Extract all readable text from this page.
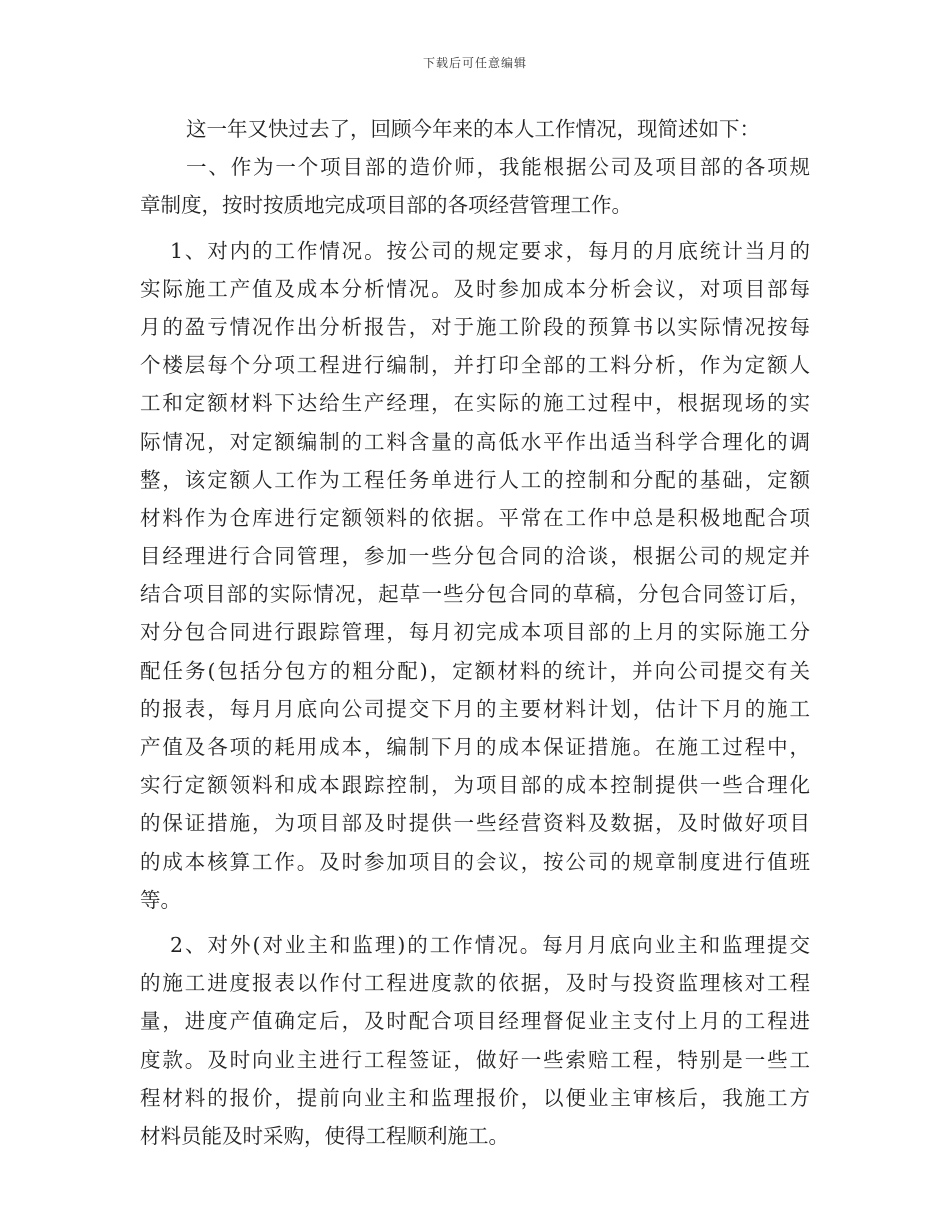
下载后可任意编辑
这一年又快过去了，回顾今年来的本人工作情况，现简述如下：
一、作为一个项目部的造价师，我能根据公司及项目部的各项规
章制度，按时按质地完成项目部的各项经营管理工作。
1、对内的工作情况。按公司的规定要求，每月的月底统计当月的
实际施工产值及成本分析情况。及时参加成本分析会议，对项目部每
月的盈亏情况作出分析报告，对于施工阶段的预算书以实际情况按每
个楼层每个分项工程进行编制，并打印全部的工料分析，作为定额人
工和定额材料下达给生产经理，在实际的施工过程中，根据现场的实
际情况，对定额编制的工料含量的高低水平作出适当科学合理化的调
整，该定额人工作为工程任务单进行人工的控制和分配的基础，定额
材料作为仓库进行定额领料的依据。平常在工作中总是积极地配合项
目经理进行合同管理，参加一些分包合同的洽谈，根据公司的规定并
结合项目部的实际情况，起草一些分包合同的草稿，分包合同签订后，
对分包合同进行跟踪管理，每月初完成本项目部的上月的实际施工分
配任务(包括分包方的粗分配)，定额材料的统计，并向公司提交有关
的报表，每月月底向公司提交下月的主要材料计划，估计下月的施工
产值及各项的耗用成本，编制下月的成本保证措施。在施工过程中，
实行定额领料和成本跟踪控制，为项目部的成本控制提供一些合理化
的保证措施，为项目部及时提供一些经营资料及数据，及时做好项目
的成本核算工作。及时参加项目的会议，按公司的规章制度进行值班
等。
2、对外(对业主和监理)的工作情况。每月月底向业主和监理提交
的施工进度报表以作付工程进度款的依据，及时与投资监理核对工程
量，进度产值确定后，及时配合项目经理督促业主支付上月的工程进
度款。及时向业主进行工程签证，做好一些索赔工程，特别是一些工
程材料的报价，提前向业主和监理报价，以便业主审核后，我施工方
材料员能及时采购，使得工程顺利施工。
